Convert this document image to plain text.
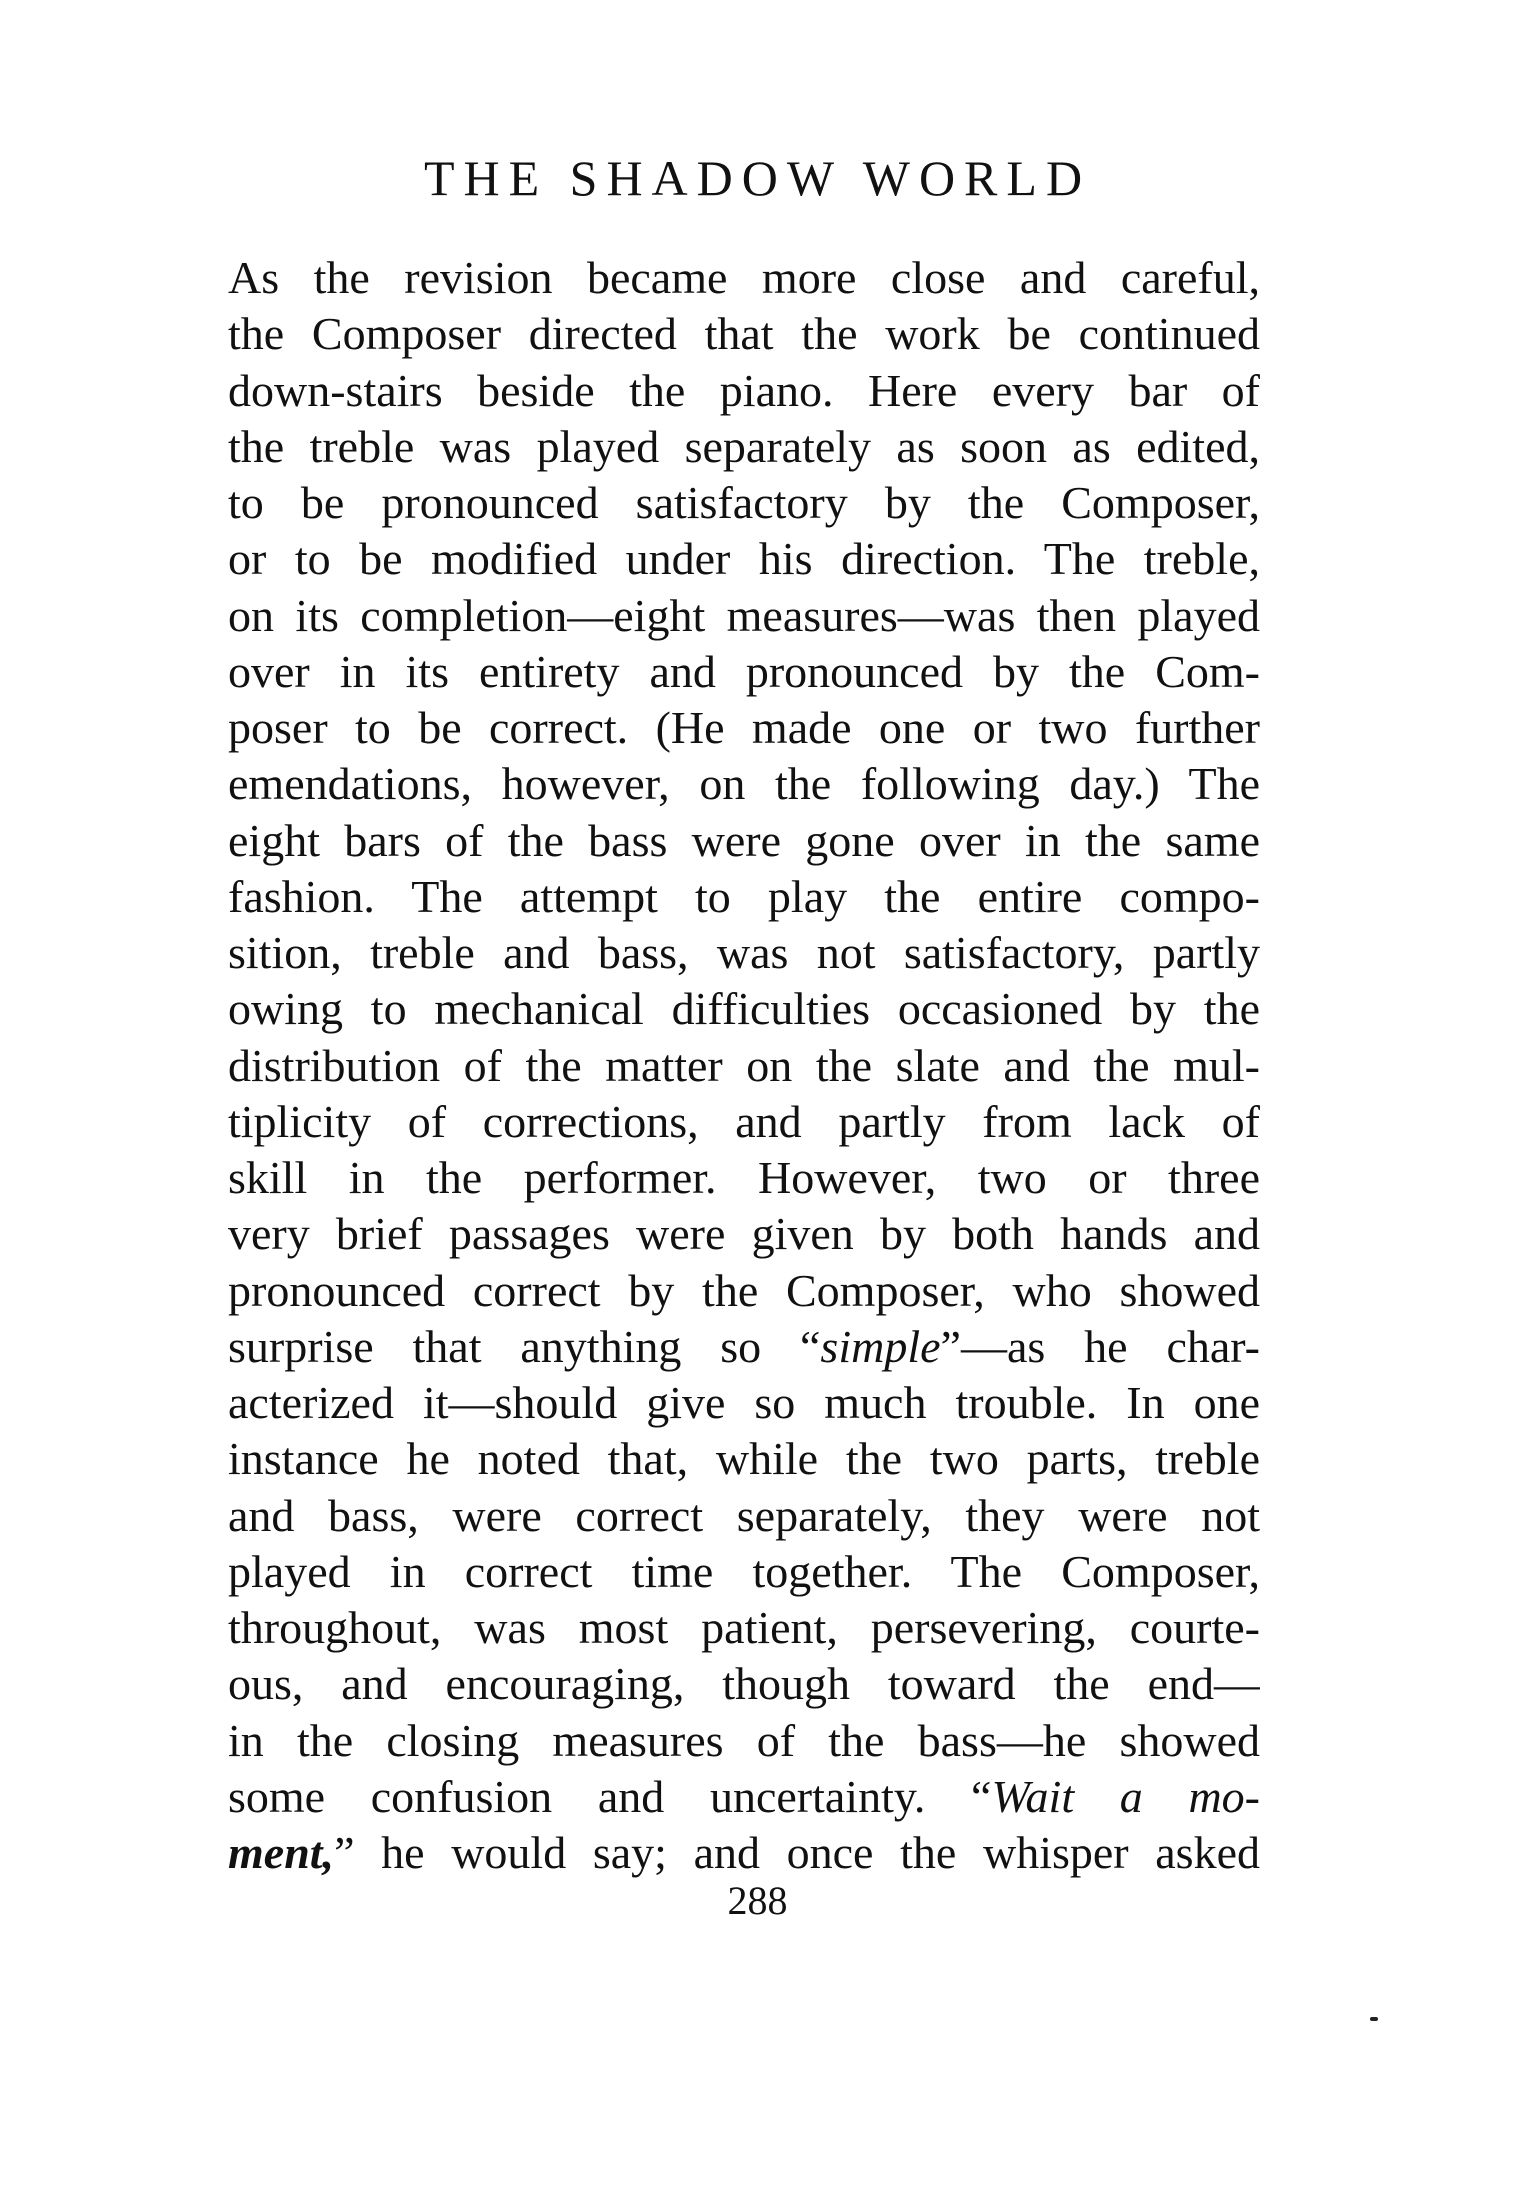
THE SHADOW WORLD
As the revision became more close and careful,
the Composer directed that the work be continued
down-stairs beside the piano. Here every bar of
the treble was played separately as soon as edited,
to be pronounced satisfactory by the Composer,
or to be modified under his direction. The treble,
on its completion—eight measures—was then played
over in its entirety and pronounced by the Com-
poser to be correct. (He made one or two further
emendations, however, on the following day.) The
eight bars of the bass were gone over in the same
fashion. The attempt to play the entire compo-
sition, treble and bass, was not satisfactory, partly
owing to mechanical difficulties occasioned by the
distribution of the matter on the slate and the mul-
tiplicity of corrections, and partly from lack of
skill in the performer. However, two or three
very brief passages were given by both hands and
pronounced correct by the Composer, who showed
surprise that anything so “simple”—as he char-
acterized it—should give so much trouble. In one
instance he noted that, while the two parts, treble
and bass, were correct separately, they were not
played in correct time together. The Composer,
throughout, was most patient, persevering, courte-
ous, and encouraging, though toward the end—
in the closing measures of the bass—he showed
some confusion and uncertainty. “Wait a mo-
ment,” he would say; and once the whisper asked
288
